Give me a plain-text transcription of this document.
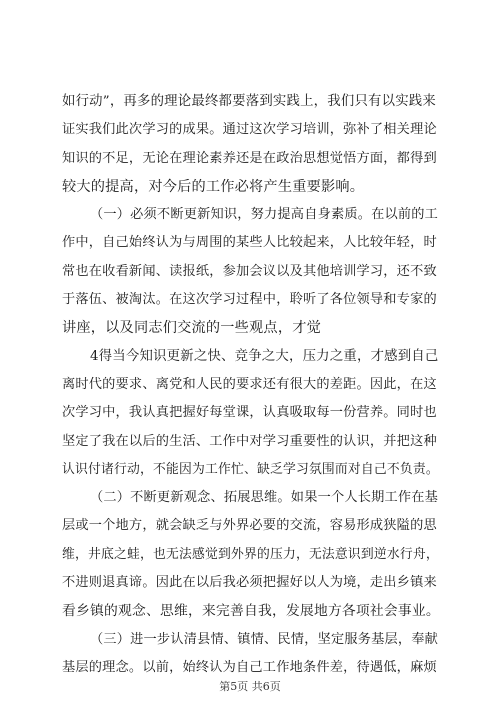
如行动”，再多的理论最终都要落到实践上，我们只有以实践来
证实我们此次学习的成果。通过这次学习培训，弥补了相关理论
知识的不足，无论在理论素养还是在政治思想觉悟方面，都得到
较大的提高，对今后的工作必将产生重要影响。
（一）必须不断更新知识，努力提高自身素质。在以前的工
作中，自己始终认为与周围的某些人比较起来，人比较年轻，时
常也在收看新闻、读报纸，参加会议以及其他培训学习，还不致
于落伍、被淘汰。在这次学习过程中，聆听了各位领导和专家的
讲座，以及同志们交流的一些观点，才觉
4得当今知识更新之快、竞争之大，压力之重，才感到自己
离时代的要求、离党和人民的要求还有很大的差距。因此，在这
次学习中，我认真把握好每堂课，认真吸取每一份营养。同时也
坚定了我在以后的生活、工作中对学习重要性的认识，并把这种
认识付诸行动，不能因为工作忙、缺乏学习氛围而对自己不负责。
（二）不断更新观念、拓展思维。如果一个人长期工作在基
层或一个地方，就会缺乏与外界必要的交流，容易形成狭隘的思
维，井底之蛙，也无法感觉到外界的压力，无法意识到逆水行舟，
不进则退真谛。因此在以后我必须把握好以人为境，走出乡镇来
看乡镇的观念、思维，来完善自我，发展地方各项社会事业。
（三）进一步认清县情、镇情、民情，坚定服务基层，奉献
基层的理念。以前，始终认为自己工作地条件差，待遇低，麻烦
第5页 共6页
